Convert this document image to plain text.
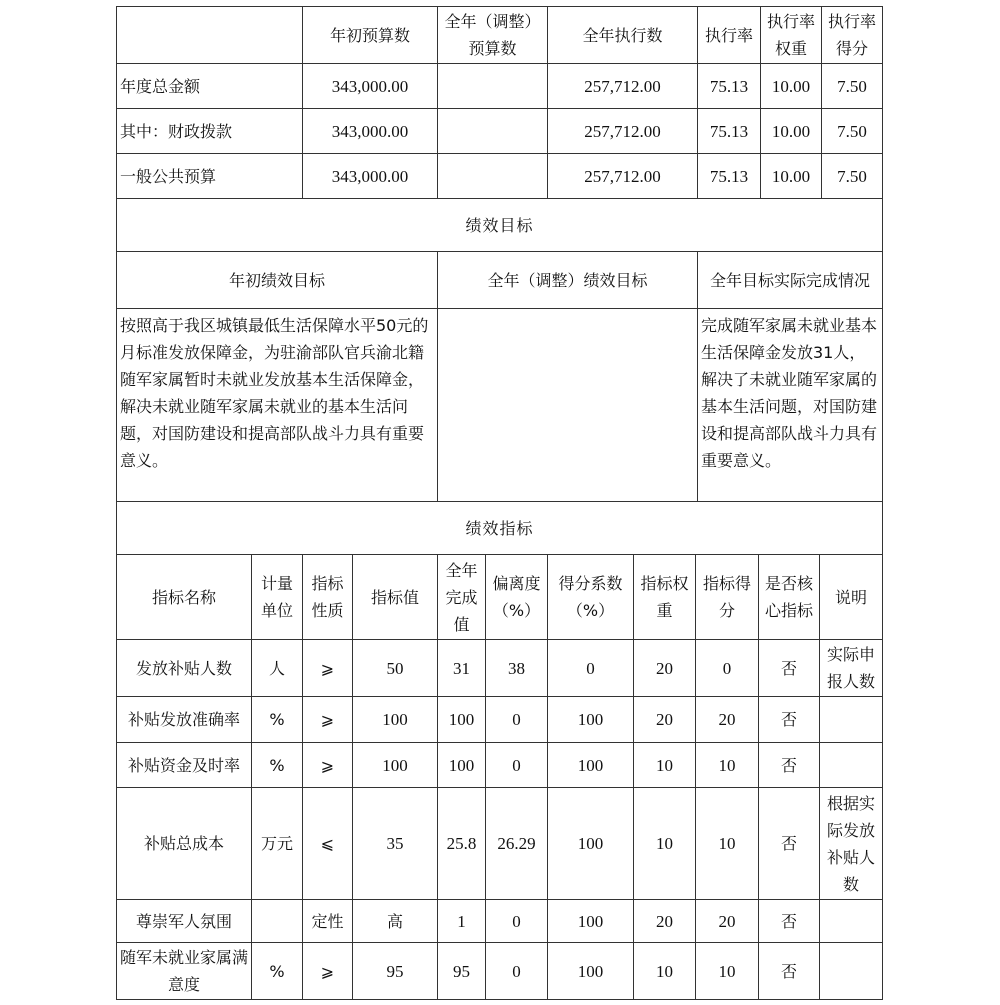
	年初预算数	全年（调整）预算数	全年执行数	执行率	执行率权重	执行率得分
年度总金额	343,000.00		257,712.00	75.13	10.00	7.50
其中：财政拨款	343,000.00		257,712.00	75.13	10.00	7.50
一般公共预算	343,000.00		257,712.00	75.13	10.00	7.50
绩效目标		
年初绩效目标	全年（调整）绩效目标	全年目标实际完成情况
按照高于我区城镇最低生活保障水平50元的月标准发放保障金，为驻渝部队官兵渝北籍随军家属暂时未就业发放基本生活保障金，解决未就业随军家属未就业的基本生活问题，对国防建设和提高部队战斗力具有重要意义。		完成随军家属未就业基本生活保障金发放31人，解决了未就业随军家属的基本生活问题，对国防建设和提高部队战斗力具有重要意义。
绩效指标										
指标名称	计量单位	指标性质	指标值	全年完成值	偏离度（%）	得分系数（%）	指标权重	指标得分	是否核心指标	说明
发放补贴人数	人	⩾	50	31	38	0	20	0	否	实际申报人数
补贴发放准确率	%	⩾	100	100	0	100	20	20	否	
补贴资金及时率	%	⩾	100	100	0	100	10	10	否	
补贴总成本	万元	⩽	35	25.8	26.29	100	10	10	否	根据实际发放补贴人数
尊崇军人氛围		定性	高	1	0	100	20	20	否	
随军未就业家属满意度	%	⩾	95	95	0	100	10	10	否	
